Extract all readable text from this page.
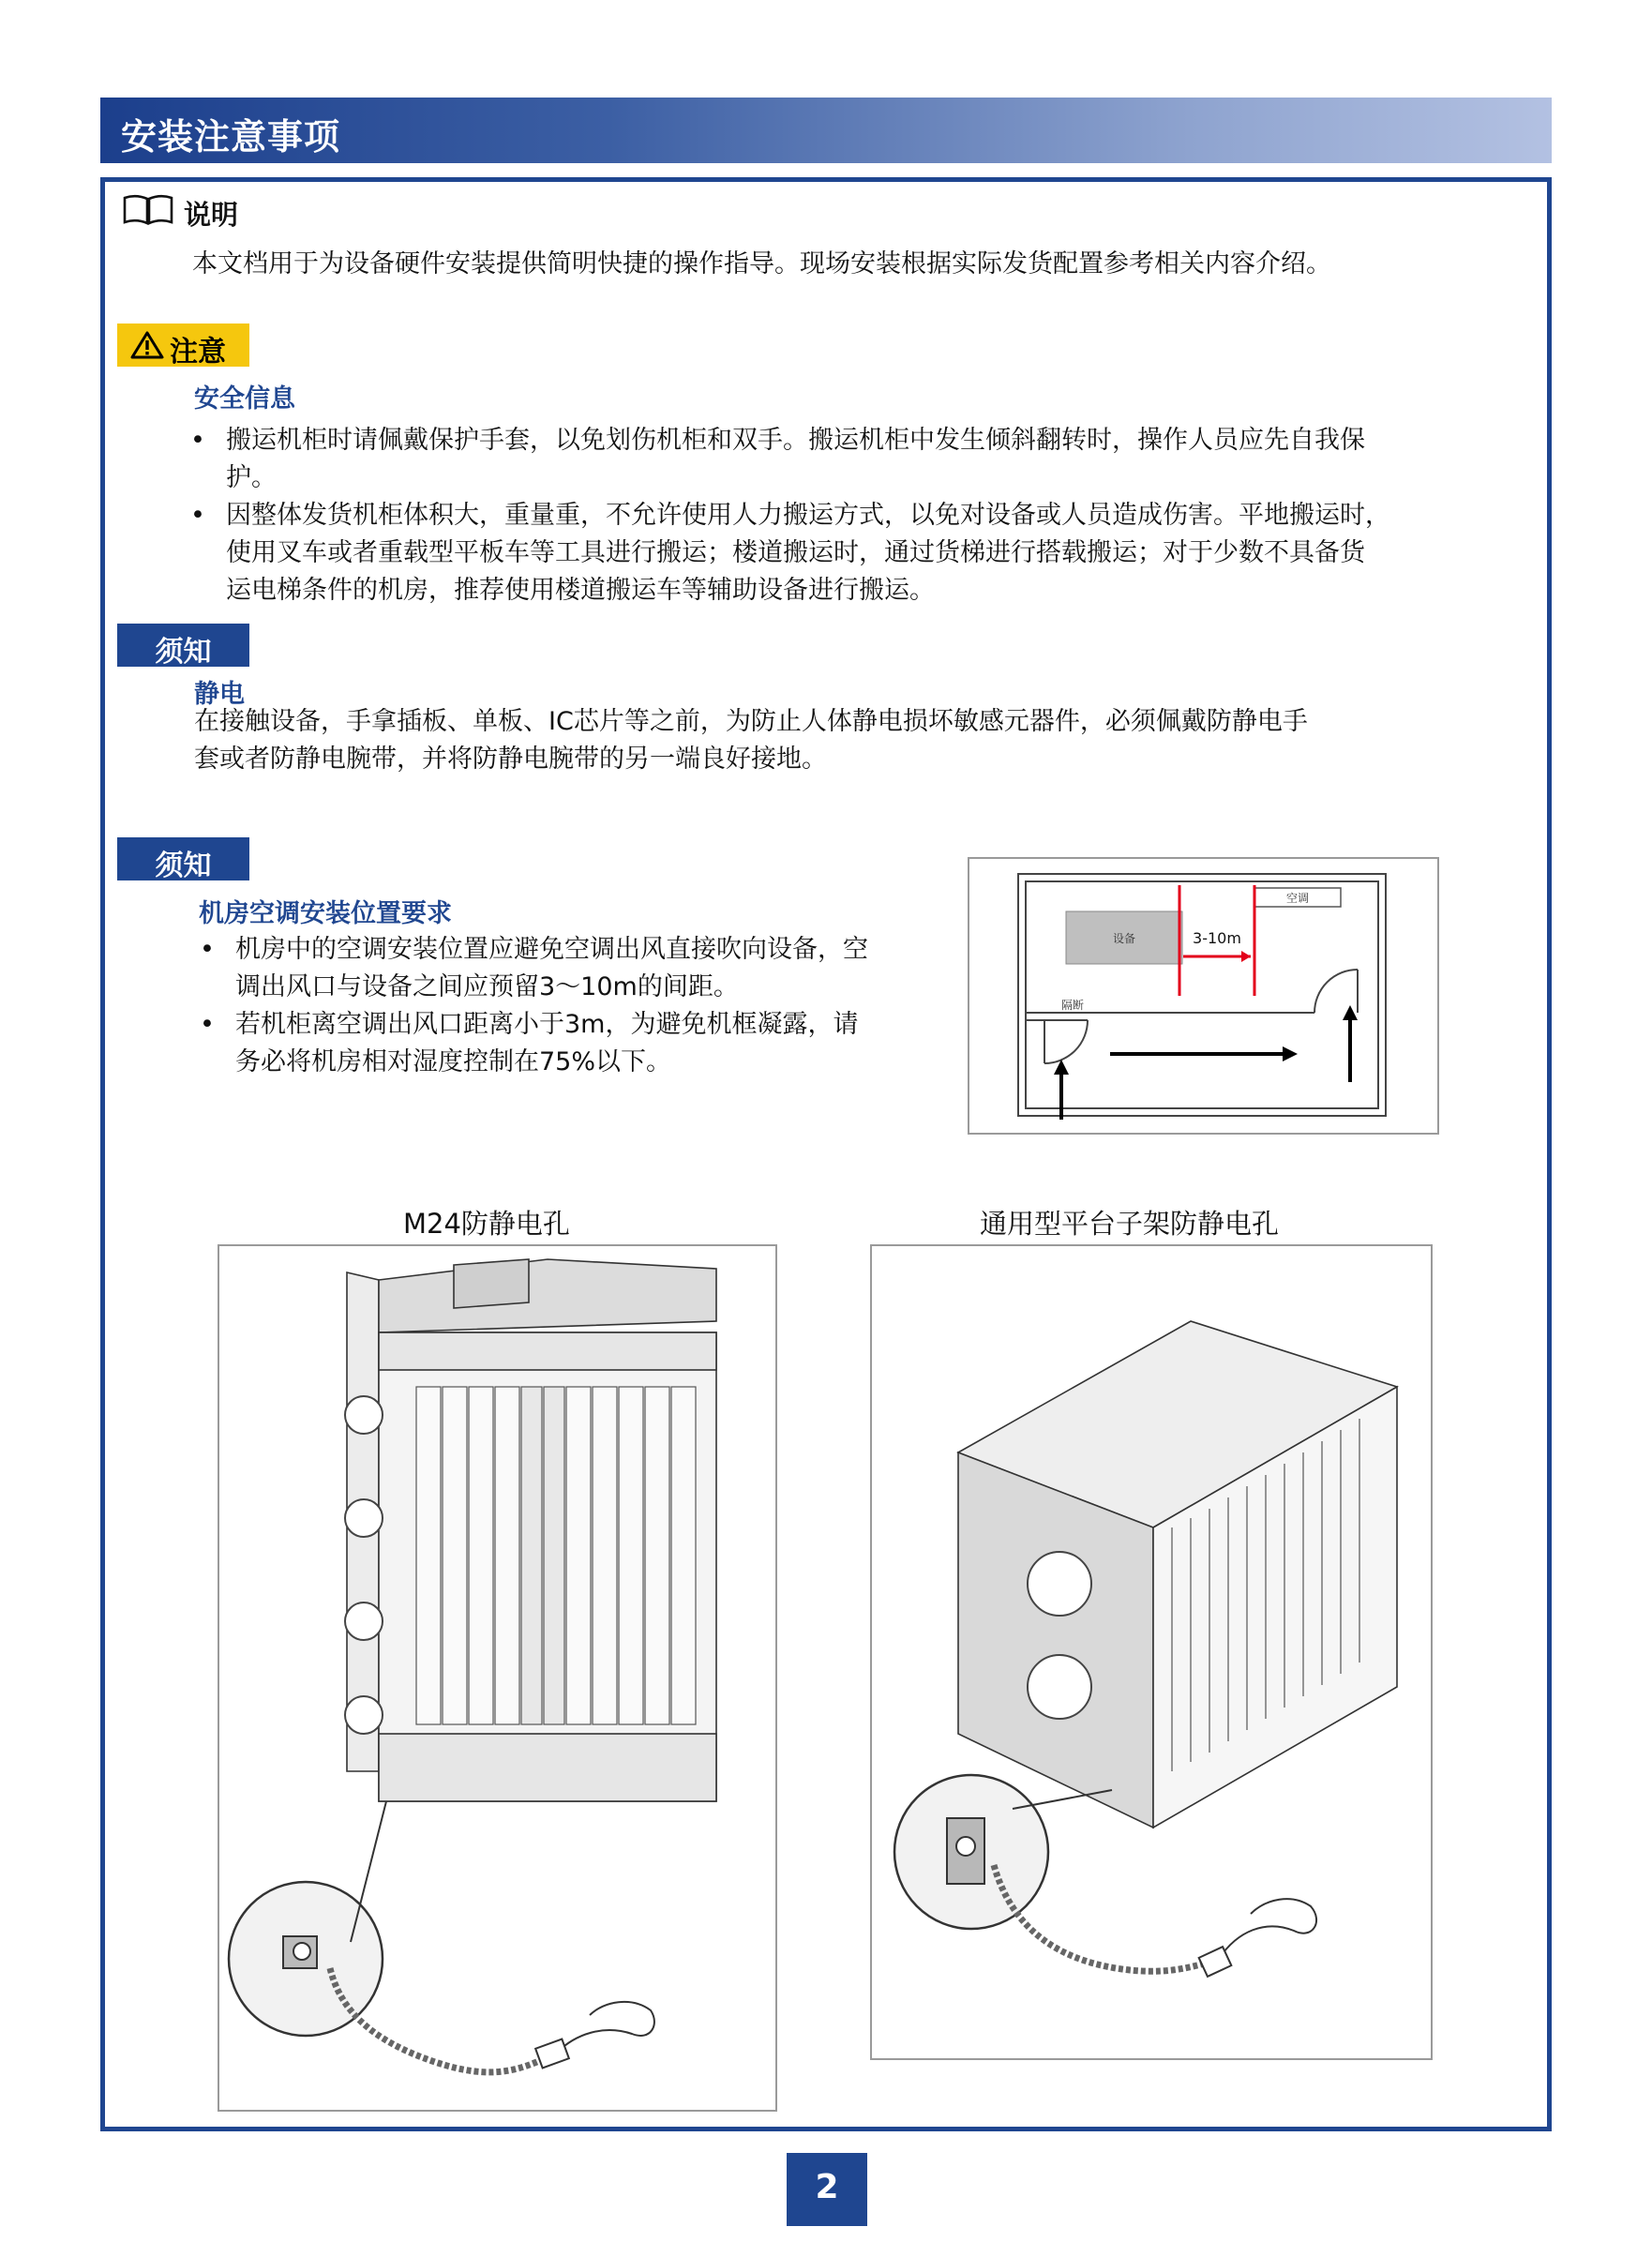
安装注意事项
说明
本文档用于为设备硬件安装提供简明快捷的操作指导。现场安装根据实际发货配置参考相关内容介绍。
注意
安全信息
• 搬运机柜时请佩戴保护手套，以免划伤机柜和双手。搬运机柜中发生倾斜翻转时，操作人员应先自我保
护。
• 因整体发货机柜体积大，重量重，不允许使用人力搬运方式，以免对设备或人员造成伤害。平地搬运时，
使用叉车或者重载型平板车等工具进行搬运；楼道搬运时，通过货梯进行搭载搬运；对于少数不具备货
运电梯条件的机房，推荐使用楼道搬运车等辅助设备进行搬运。
须知
静电
在接触设备，手拿插板、单板、IC芯片等之前，为防止人体静电损坏敏感元器件，必须佩戴防静电手
套或者防静电腕带，并将防静电腕带的另一端良好接地。
须知
机房空调安装位置要求
• 机房中的空调安装位置应避免空调出风直接吹向设备，空
调出风口与设备之间应预留3～10m的间距。
• 若机柜离空调出风口距离小于3m，为避免机框凝露，请
务必将机房相对湿度控制在75%以下。
设备
空调
3-10m
隔断
M24防静电孔	通用型平台子架防静电孔
2
